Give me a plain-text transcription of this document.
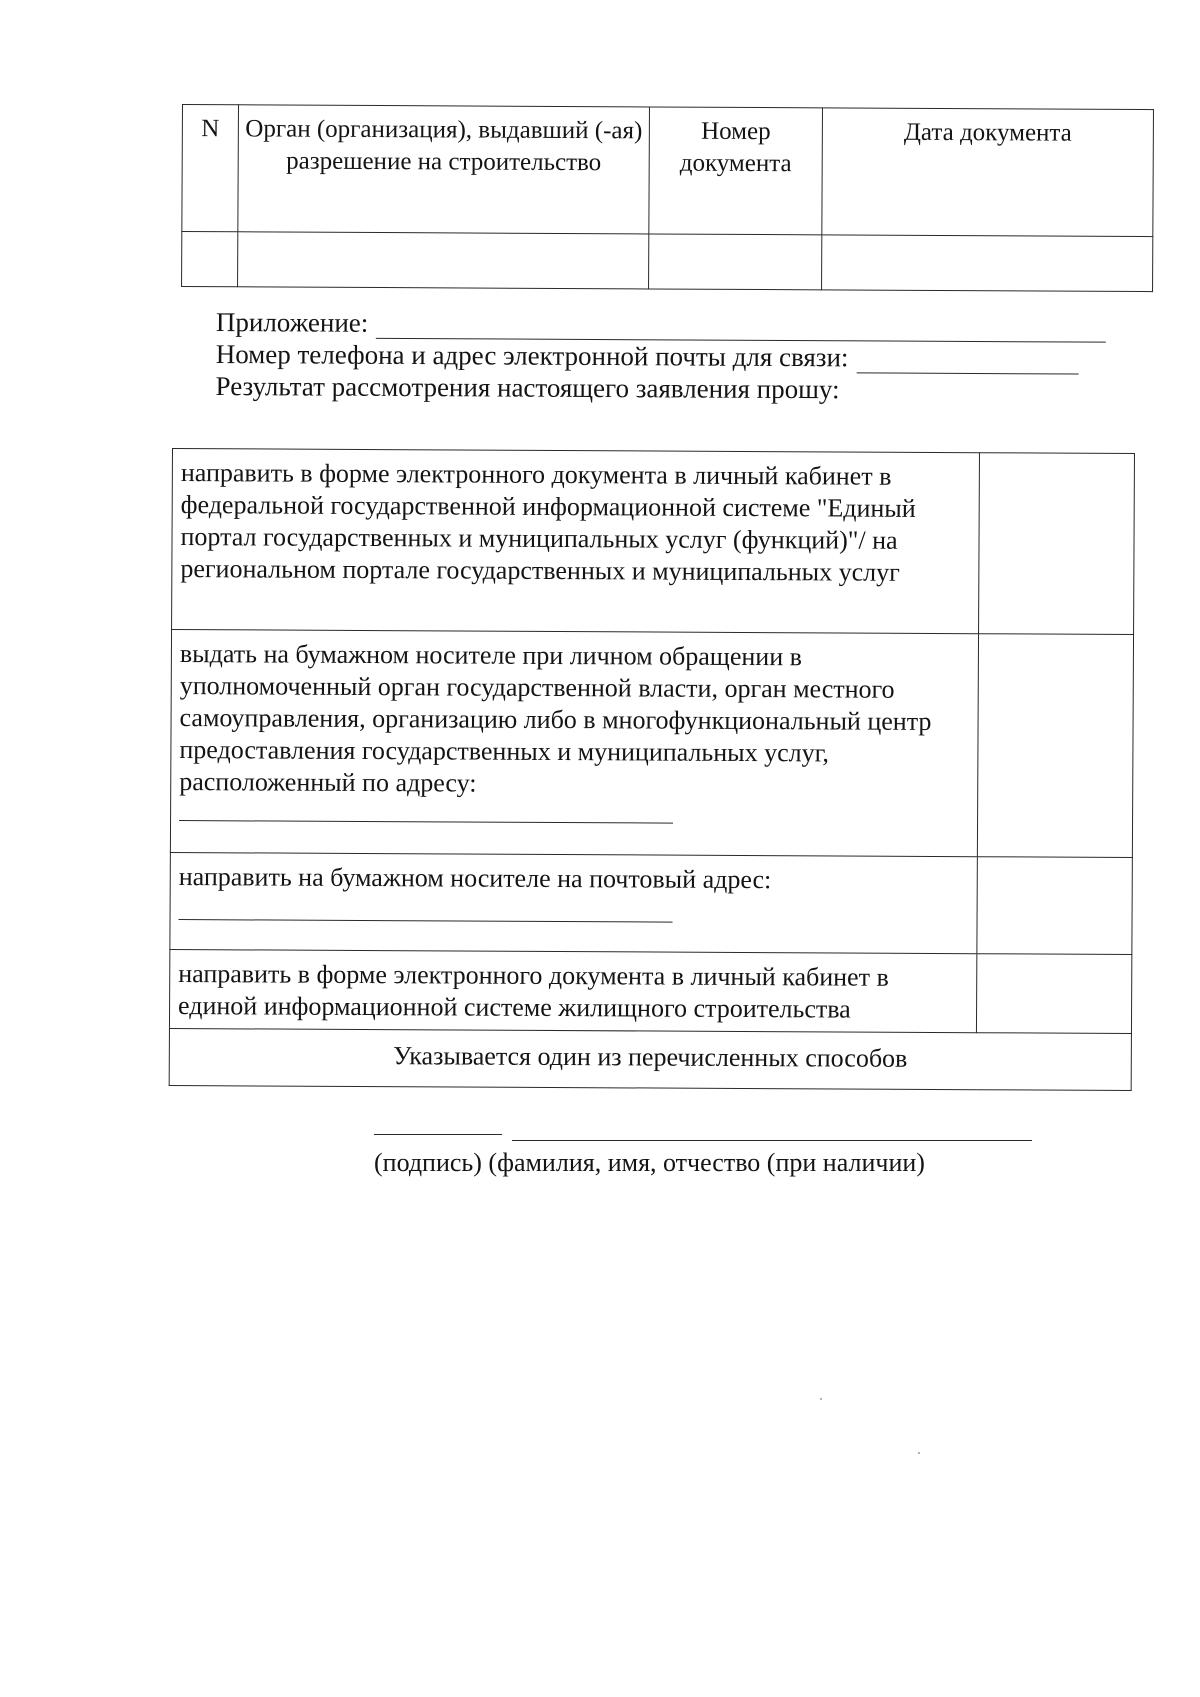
N	Орган (организация), выдавший (-ая) разрешение на строительство	Номер документа	Дата документа

Приложение:
Номер телефона и адрес электронной почты для связи:
Результат рассмотрения настоящего заявления прошу:
направить в форме электронного документа в личный кабинет в федеральной государственной информационной системе "Единый портал государственных и муниципальных услуг (функций)"/ на региональном портале государственных и муниципальных услуг	
выдать на бумажном носителе при личном обращении в уполномоченный орган государственной власти, орган местного самоуправления, организацию либо в многофункциональный центр предоставления государственных и муниципальных услуг, расположенный по адресу:

направить на бумажном носителе на почтовый адрес:

направить в форме электронного документа в личный кабинет в единой информационной системе жилищного строительства	
Указывается один из перечисленных способов	
(подпись) (фамилия, имя, отчество (при наличии)
